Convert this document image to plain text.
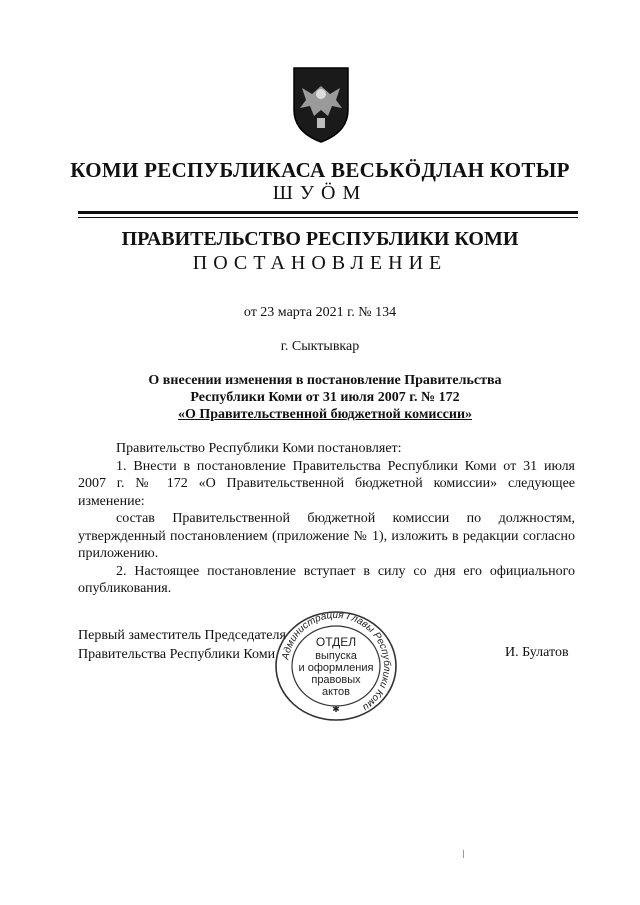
КОМИ РЕСПУБЛИКАСА ВЕСЬКÖДЛАН КОТЫР
ШУÖМ
ПРАВИТЕЛЬСТВО РЕСПУБЛИКИ КОМИ
ПОСТАНОВЛЕНИЕ
от 23 марта 2021 г. № 134
г. Сыктывкар
О внесении изменения в постановление Правительства
Республики Коми от 31 июля 2007 г. № 172
«О Правительственной бюджетной комиссии»

Правительство Республики Коми постановляет:

1. Внести в постановление Правительства Республики Коми от 31 июля 2007 г. № 172 «О Правительственной бюджетной комиссии» следующее изменение:

состав Правительственной бюджетной комиссии по должностям, утвержденный постановлением (приложение № 1), изложить в редакции согласно приложению.

2. Настоящее постановление вступает в силу со дня его официального опубликования.

Первый заместитель Председателя
Правительства Республики Коми	И. Булатов
Администрация Главы Республики Коми
ОТДЕЛ
выпуска
и оформления
правовых
актов
✱
